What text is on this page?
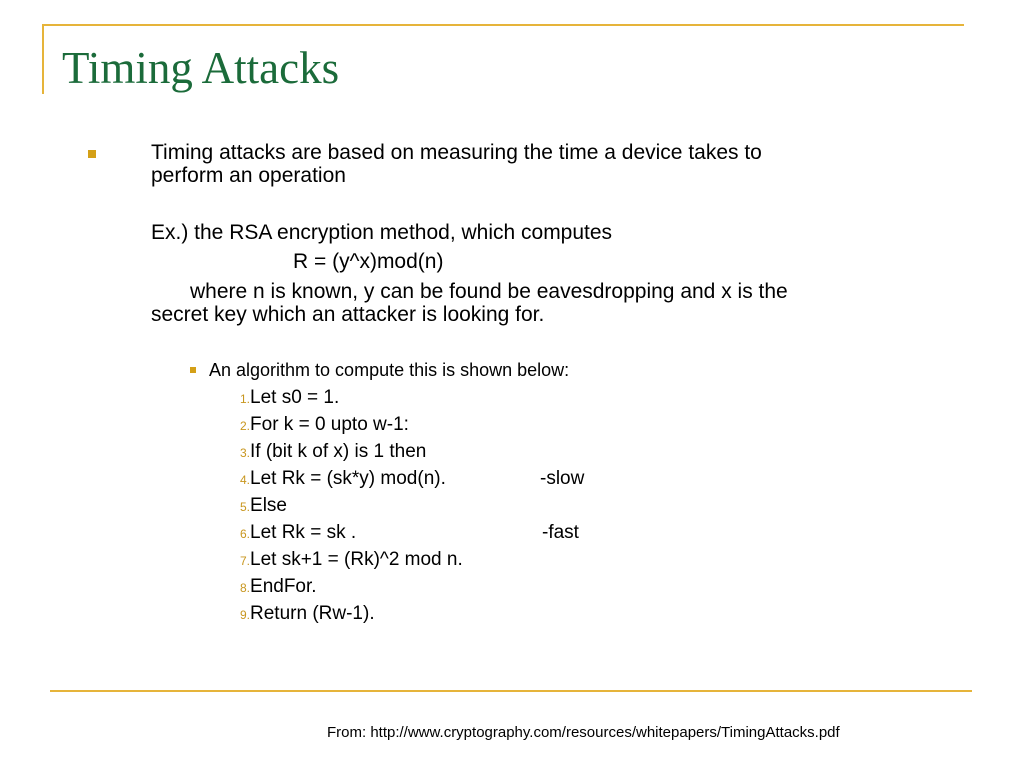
Timing Attacks
Timing attacks are based on measuring the time a device takes to
perform an operation
Ex.) the RSA encryption method, which computes
R = (y^x)mod(n)
where n is known, y can be found be eavesdropping and x is the
secret key which an attacker is looking for.
An algorithm to compute this is shown below:
1.Let s0 = 1.
2.For k = 0 upto w-1:
3.If (bit k of x) is 1 then
4.Let Rk = (sk*y) mod(n).	-slow
5.Else
6.Let Rk = sk .	-fast
7.Let sk+1 = (Rk)^2 mod n.
8.EndFor.
9.Return (Rw-1).
From: http://www.cryptography.com/resources/whitepapers/TimingAttacks.pdf
